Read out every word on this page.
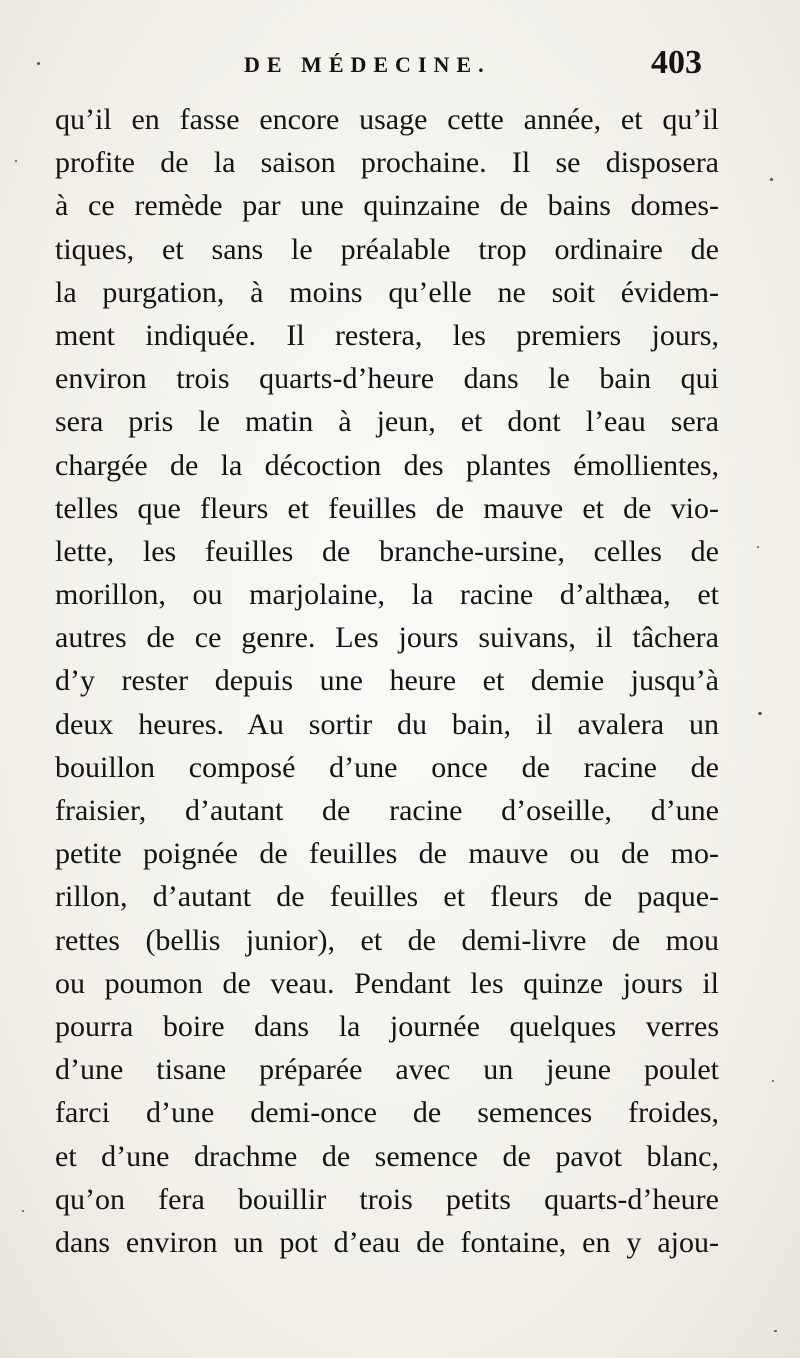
DE MÉDECINE.	403
qu’il en fasse encore usage cette année, et qu’il
profite de la saison prochaine. Il se disposera
à ce remède par une quinzaine de bains domes-
tiques, et sans le préalable trop ordinaire de
la purgation, à moins qu’elle ne soit évidem-
ment indiquée. Il restera, les premiers jours,
environ trois quarts-d’heure dans le bain qui
sera pris le matin à jeun, et dont l’eau sera
chargée de la décoction des plantes émollientes,
telles que fleurs et feuilles de mauve et de vio-
lette, les feuilles de branche-ursine, celles de
morillon, ou marjolaine, la racine d’althæa, et
autres de ce genre. Les jours suivans, il tâchera
d’y rester depuis une heure et demie jusqu’à
deux heures. Au sortir du bain, il avalera un
bouillon composé d’une once de racine de
fraisier, d’autant de racine d’oseille, d’une
petite poignée de feuilles de mauve ou de mo-
rillon, d’autant de feuilles et fleurs de paque-
rettes (bellis junior), et de demi-livre de mou
ou poumon de veau. Pendant les quinze jours il
pourra boire dans la journée quelques verres
d’une tisane préparée avec un jeune poulet
farci d’une demi-once de semences froides,
et d’une drachme de semence de pavot blanc,
qu’on fera bouillir trois petits quarts-d’heure
dans environ un pot d’eau de fontaine, en y ajou-
